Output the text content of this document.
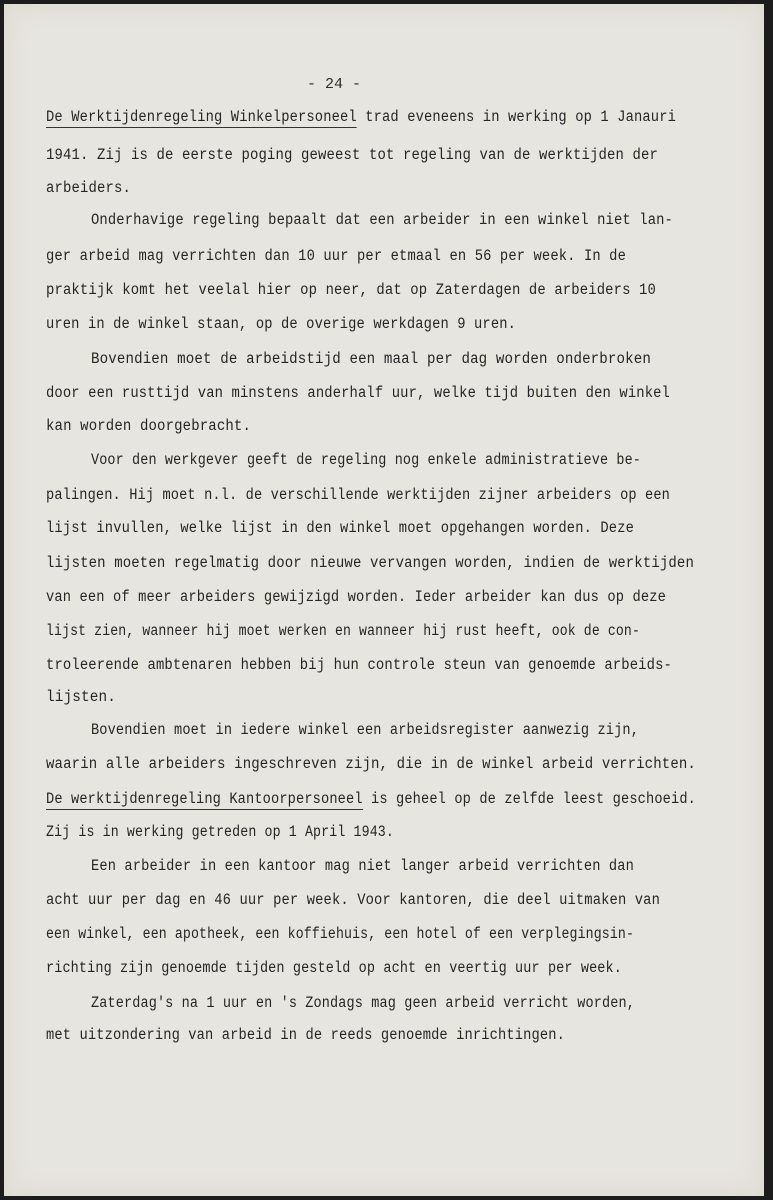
- 24 -
De Werktijdenregeling Winkelpersoneel trad eveneens in werking op 1 Janauri
1941. Zij is de eerste poging geweest tot regeling van de werktijden der
arbeiders.
Onderhavige regeling bepaalt dat een arbeider in een winkel niet lan-
ger arbeid mag verrichten dan 10 uur per etmaal en 56 per week. In de
praktijk komt het veelal hier op neer, dat op Zaterdagen de arbeiders 10
uren in de winkel staan, op de overige werkdagen 9 uren.
Bovendien moet de arbeidstijd een maal per dag worden onderbroken
door een rusttijd van minstens anderhalf uur, welke tijd buiten den winkel
kan worden doorgebracht.
Voor den werkgever geeft de regeling nog enkele administratieve be-
palingen. Hij moet n.l. de verschillende werktijden zijner arbeiders op een
lijst invullen, welke lijst in den winkel moet opgehangen worden. Deze
lijsten moeten regelmatig door nieuwe vervangen worden, indien de werktijden
van een of meer arbeiders gewijzigd worden. Ieder arbeider kan dus op deze
lijst zien, wanneer hij moet werken en wanneer hij rust heeft, ook de con-
troleerende ambtenaren hebben bij hun controle steun van genoemde arbeids-
lijsten.
Bovendien moet in iedere winkel een arbeidsregister aanwezig zijn,
waarin alle arbeiders ingeschreven zijn, die in de winkel arbeid verrichten.
De werktijdenregeling Kantoorpersoneel is geheel op de zelfde leest geschoeid.
Zij is in werking getreden op 1 April 1943.
Een arbeider in een kantoor mag niet langer arbeid verrichten dan
acht uur per dag en 46 uur per week. Voor kantoren, die deel uitmaken van
een winkel, een apotheek, een koffiehuis, een hotel of een verplegingsin-
richting zijn genoemde tijden gesteld op acht en veertig uur per week.
Zaterdag's na 1 uur en 's Zondags mag geen arbeid verricht worden,
met uitzondering van arbeid in de reeds genoemde inrichtingen.
